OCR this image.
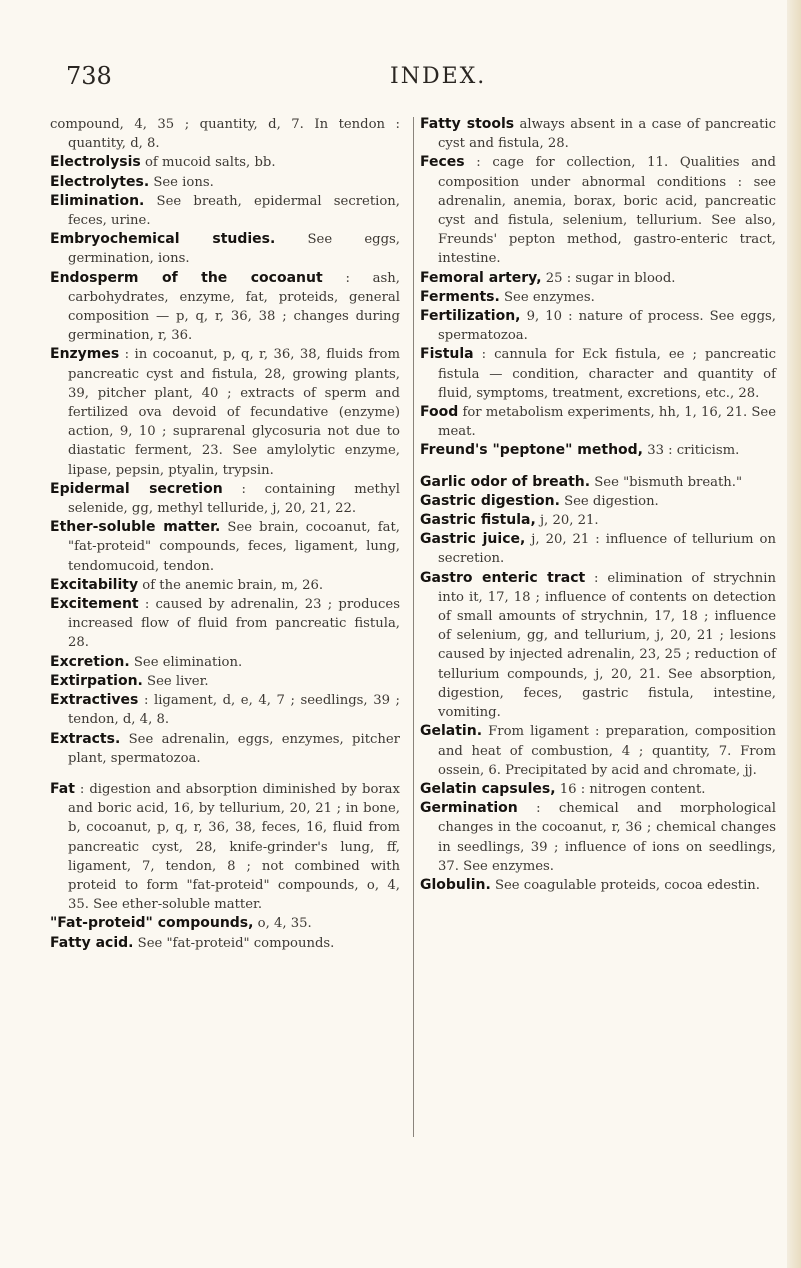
738	INDEX.

compound, 4, 35 ; quantity, d, 7. In tendon : quantity, d, 8.

Electrolysis of mucoid salts, bb.

Electrolytes. See ions.

Elimination. See breath, epidermal secretion, feces, urine.

Embryochemical studies. See eggs, germination, ions.

Endosperm of the cocoanut : ash, carbohydrates, enzyme, fat, proteids, general composition — p, q, r, 36, 38 ; changes during germination, r, 36.

Enzymes : in cocoanut, p, q, r, 36, 38, fluids from pancreatic cyst and fistula, 28, growing plants, 39, pitcher plant, 40 ; extracts of sperm and fertilized ova devoid of fecundative (enzyme) action, 9, 10 ; suprarenal glycosuria not due to diastatic ferment, 23. See amylolytic enzyme, lipase, pepsin, ptyalin, trypsin.

Epidermal secretion : containing methyl selenide, gg, methyl telluride, j, 20, 21, 22.

Ether-soluble matter. See brain, cocoanut, fat, "fat-proteid" compounds, feces, ligament, lung, tendomucoid, tendon.

Excitability of the anemic brain, m, 26.

Excitement : caused by adrenalin, 23 ; produces increased flow of fluid from pancreatic fistula, 28.

Excretion. See elimination.

Extirpation. See liver.

Extractives : ligament, d, e, 4, 7 ; seedlings, 39 ; tendon, d, 4, 8.

Extracts. See adrenalin, eggs, enzymes, pitcher plant, spermatozoa.

Fat : digestion and absorption diminished by borax and boric acid, 16, by tellurium, 20, 21 ; in bone, b, cocoanut, p, q, r, 36, 38, feces, 16, fluid from pancreatic cyst, 28, knife-grinder's lung, ff, ligament, 7, tendon, 8 ; not combined with proteid to form "fat-proteid" compounds, o, 4, 35. See ether-soluble matter.

"Fat-proteid" compounds, o, 4, 35.

Fatty acid. See "fat-proteid" compounds.

Fatty stools always absent in a case of pancreatic cyst and fistula, 28.

Feces : cage for collection, 11. Qualities and composition under abnormal conditions : see adrenalin, anemia, borax, boric acid, pancreatic cyst and fistula, selenium, tellurium. See also, Freunds' pepton method, gastro-enteric tract, intestine.

Femoral artery, 25 : sugar in blood.

Ferments. See enzymes.

Fertilization, 9, 10 : nature of process. See eggs, spermatozoa.

Fistula : cannula for Eck fistula, ee ; pancreatic fistula — condition, character and quantity of fluid, symptoms, treatment, excretions, etc., 28.

Food for metabolism experiments, hh, 1, 16, 21. See meat.

Freund's "peptone" method, 33 : criticism.

Garlic odor of breath. See "bismuth breath."

Gastric digestion. See digestion.

Gastric fistula, j, 20, 21.

Gastric juice, j, 20, 21 : influence of tellurium on secretion.

Gastro enteric tract : elimination of strychnin into it, 17, 18 ; influence of contents on detection of small amounts of strychnin, 17, 18 ; influence of selenium, gg, and tellurium, j, 20, 21 ; lesions caused by injected adrenalin, 23, 25 ; reduction of tellurium compounds, j, 20, 21. See absorption, digestion, feces, gastric fistula, intestine, vomiting.

Gelatin. From ligament : preparation, composition and heat of combustion, 4 ; quantity, 7. From ossein, 6. Precipitated by acid and chromate, jj.

Gelatin capsules, 16 : nitrogen content.

Germination : chemical and morphological changes in the cocoanut, r, 36 ; chemical changes in seedlings, 39 ; influence of ions on seedlings, 37. See enzymes.

Globulin. See coagulable proteids, cocoa edestin.
